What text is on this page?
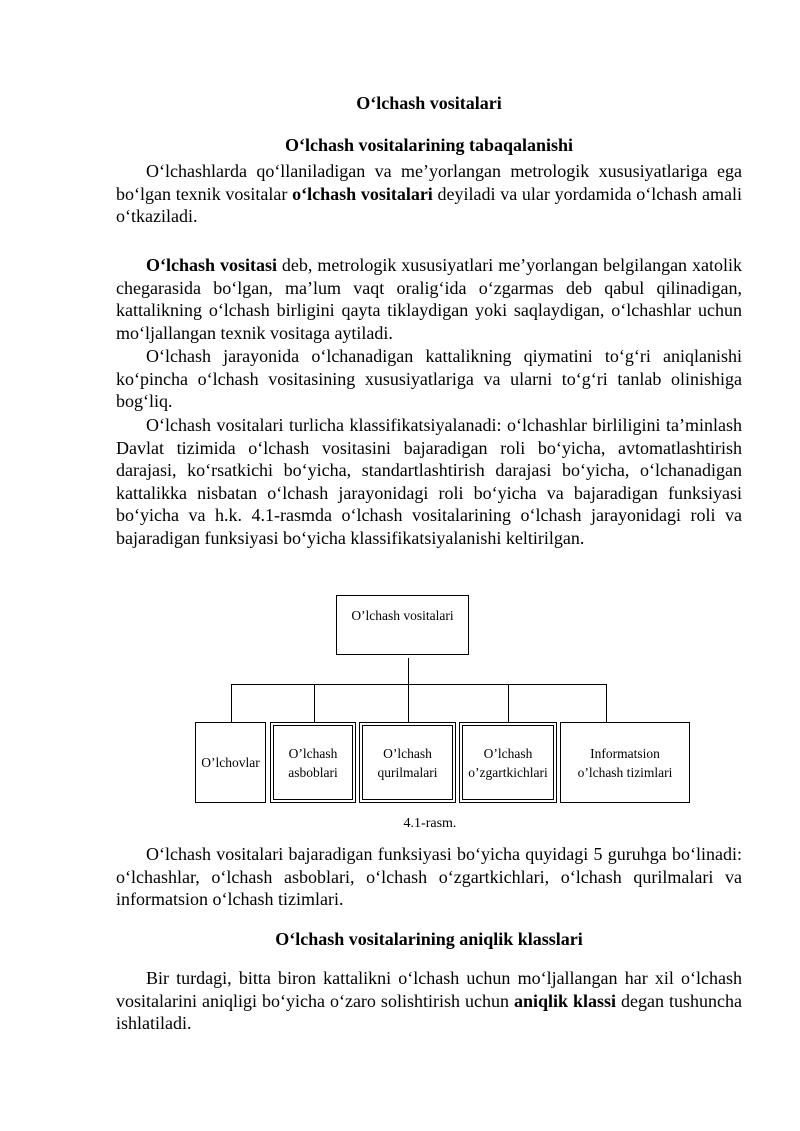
O‘lchash vositalari
O‘lchash vositalarining tabaqalanishi

O‘lchashlarda qo‘llaniladigan va me’yorlangan metrologik xususiyatlariga ega bo‘lgan texnik vositalar o‘lchash vositalari deyiladi va ular yordamida o‘lchash amali o‘tkaziladi.

O‘lchash vositasi deb, metrologik xususiyatlari me’yorlangan belgilangan xatolik chegarasida bo‘lgan, ma’lum vaqt oralig‘ida o‘zgarmas deb qabul qilinadigan, kattalikning o‘lchash birligini qayta tiklaydigan yoki saqlaydigan, o‘lchashlar uchun mo‘ljallangan texnik vositaga aytiladi.

O‘lchash jarayonida o‘lchanadigan kattalikning qiymatini to‘g‘ri aniqlanishi ko‘pincha o‘lchash vositasining xususiyatlariga va ularni to‘g‘ri tanlab olinishiga bog‘liq.

O‘lchash vositalari turlicha klassifikatsiyalanadi: o‘lchashlar birliligini ta’minlash Davlat tizimida o‘lchash vositasini bajaradigan roli bo‘yicha, avtomatlashtirish darajasi, ko‘rsatkichi bo‘yicha, standartlashtirish darajasi bo‘yicha, o‘lchanadigan kattalikka nisbatan o‘lchash jarayonidagi roli bo‘yicha va bajaradigan funksiyasi bo‘yicha va h.k. 4.1-rasmda o‘lchash vositalarining o‘lchash jarayonidagi roli va bajaradigan funksiyasi bo‘yicha klassifikatsiyalanishi keltirilgan.

O’lchash vositalari
O’lchovlar
O’lchash
asboblari
O’lchash
qurilmalari
O’lchash
o’zgartkichlari
Informatsion
o’lchash tizimlari
4.1-rasm.

O‘lchash vositalari bajaradigan funksiyasi bo‘yicha quyidagi 5 guruhga bo‘linadi: o‘lchashlar, o‘lchash asboblari, o‘lchash o‘zgartkichlari, o‘lchash qurilmalari va informatsion o‘lchash tizimlari.

O‘lchash vositalarining aniqlik klasslari

Bir turdagi, bitta biron kattalikni o‘lchash uchun mo‘ljallangan har xil o‘lchash vositalarini aniqligi bo‘yicha o‘zaro solishtirish uchun aniqlik klassi degan tushuncha ishlatiladi.
